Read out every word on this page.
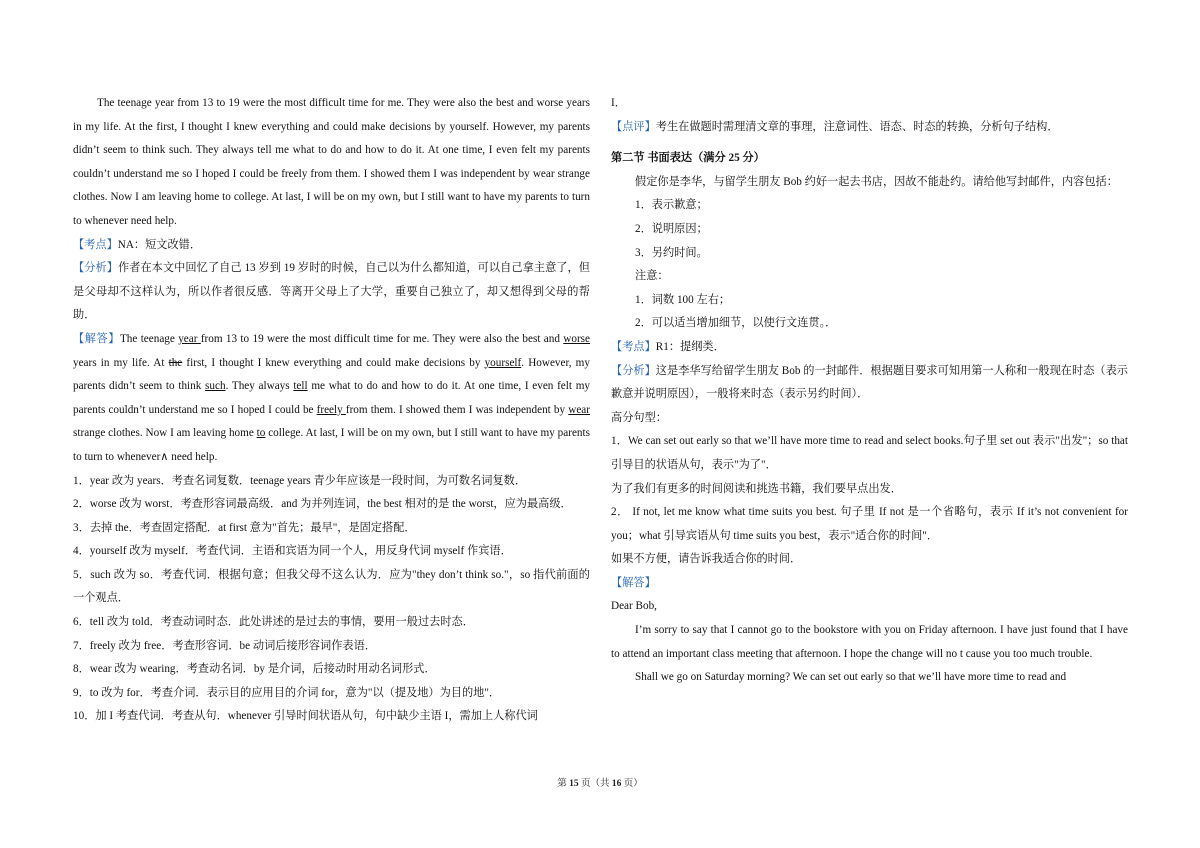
The teenage year from 13 to 19 were the most difficult time for me. They were also the best and worse years in my life. At the first, I thought I knew everything and could make decisions by yourself. However, my parents didn’t seem to think such. They always tell me what to do and how to do it. At one time, I even felt my parents couldn’t understand me so I hoped I could be freely from them. I showed them I was independent by wear strange clothes. Now I am leaving home to college. At last, I will be on my own, but I still want to have my parents to turn to whenever need help.

【考点】NA：短文改错．

【分析】作者在本文中回忆了自己 13 岁到 19 岁时的时候，自己以为什么都知道，可以自己拿主意了，但是父母却不这样认为，所以作者很反感．等离开父母上了大学，重要自己独立了，却又想得到父母的帮助．

【解答】The teenage year from 13 to 19 were the most difficult time for me. They were also the best and worse years in my life. At the first, I thought I knew everything and could make decisions by yourself. However, my parents didn’t seem to think such. They always tell me what to do and how to do it. At one time, I even felt my parents couldn’t understand me so I hoped I could be freely from them. I showed them I was independent by wear strange clothes. Now I am leaving home to college. At last, I will be on my own, but I still want to have my parents to turn to whenever∧ need help.

1．year 改为 years．考查名词复数．teenage years 青少年应该是一段时间，为可数名词复数．

2．worse 改为 worst．考查形容词最高级．and 为并列连词，the best 相对的是 the worst，应为最高级．

3．去掉 the．考查固定搭配．at first 意为"首先；最早"，是固定搭配．

4．yourself 改为 myself．考查代词．主语和宾语为同一个人，用反身代词 myself 作宾语．

5．such 改为 so．考查代词．根据句意；但我父母不这么认为．应为"they don’t think so."，so 指代前面的一个观点．

6．tell 改为 told．考查动词时态．此处讲述的是过去的事情，要用一般过去时态．

7．freely 改为 free．考查形容词．be 动词后接形容词作表语．

8．wear 改为 wearing．考查动名词．by 是介词，后接动时用动名词形式．

9．to 改为 for．考查介词．表示目的应用目的介词 for，意为"以（提及地）为目的地"．

10．加 I 考查代词．考查从句．whenever 引导时间状语从句，句中缺少主语 I，需加上人称代词

I．

【点评】考生在做题时需理清文章的事理，注意词性、语态、时态的转换，分析句子结构．

第二节 书面表达（满分 25 分）

假定你是李华，与留学生朋友 Bob 约好一起去书店，因故不能赴约。请给他写封邮件，内容包括：

1．表示歉意；

2．说明原因；

3．另约时间。

注意：

1．词数 100 左右；

2．可以适当增加细节，以使行文连贯。．

【考点】R1：提纲类．

【分析】这是李华写给留学生朋友 Bob 的一封邮件．根据题目要求可知用第一人称和一般现在时态（表示歉意并说明原因），一般将来时态（表示另约时间）．

高分句型：

1．We can set out early so that we’ll have more time to read and select books.句子里 set out 表示"出发"；so that 引导目的状语从句，表示"为了"．

为了我们有更多的时间阅读和挑选书籍，我们要早点出发．

2． If not, let me know what time suits you best. 句子里 If not 是一个省略句，表示 If it’s not convenient for you；what 引导宾语从句 time suits you best，表示"适合你的时间"．

如果不方便，请告诉我适合你的时间．

【解答】

Dear Bob,

I’m sorry to say that I cannot go to the bookstore with you on Friday afternoon. I have just found that I have to attend an important class meeting that afternoon. I hope the change will no t cause you too much trouble.

Shall we go on Saturday morning? We can set out early so that we’ll have more time to read and

第 15 页（共 16 页）
